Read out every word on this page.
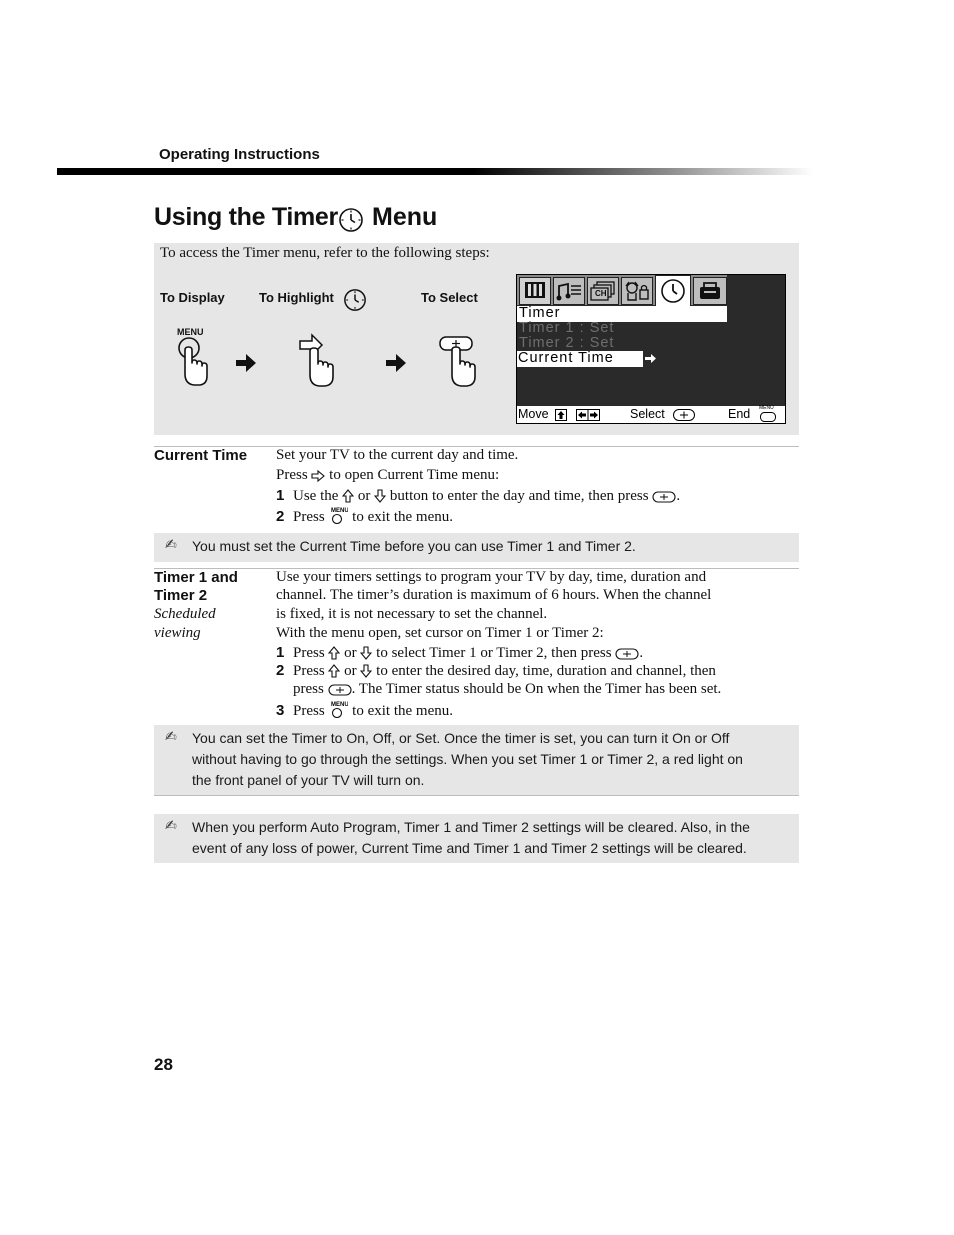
Operating Instructions
Using the Timer Menu
To access the Timer menu, refer to the following steps:
To Display	To Highlight	To Select
MENU
CH
Timer
Timer 1 : Set
Timer 2 : Set
Current Time
Move	Select	End MENU
Current Time Set your TV to the current day and time.
Press to open Current Time menu:
1 Use the or button to enter the day and time, then press .
2 Press MENU to exit the menu.
✍ You must set the Current Time before you can use Timer 1 and Timer 2.
Timer 1 and
Timer 2
Scheduled
viewing
Use your timers settings to program your TV by day, time, duration and
channel. The timer’s duration is maximum of 6 hours. When the channel
is fixed, it is not necessary to set the channel.
With the menu open, set cursor on Timer 1 or Timer 2:
1 Press or to select Timer 1 or Timer 2, then press .
2 Press or to enter the desired day, time, duration and channel, then
press . The Timer status should be On when the Timer has been set.
3 Press MENU to exit the menu.
✍ You can set the Timer to On, Off, or Set. Once the timer is set, you can turn it On or Off
without having to go through the settings. When you set Timer 1 or Timer 2, a red light on
the front panel of your TV will turn on.
✍ When you perform Auto Program, Timer 1 and Timer 2 settings will be cleared. Also, in the
event of any loss of power, Current Time and Timer 1 and Timer 2 settings will be cleared.
28
